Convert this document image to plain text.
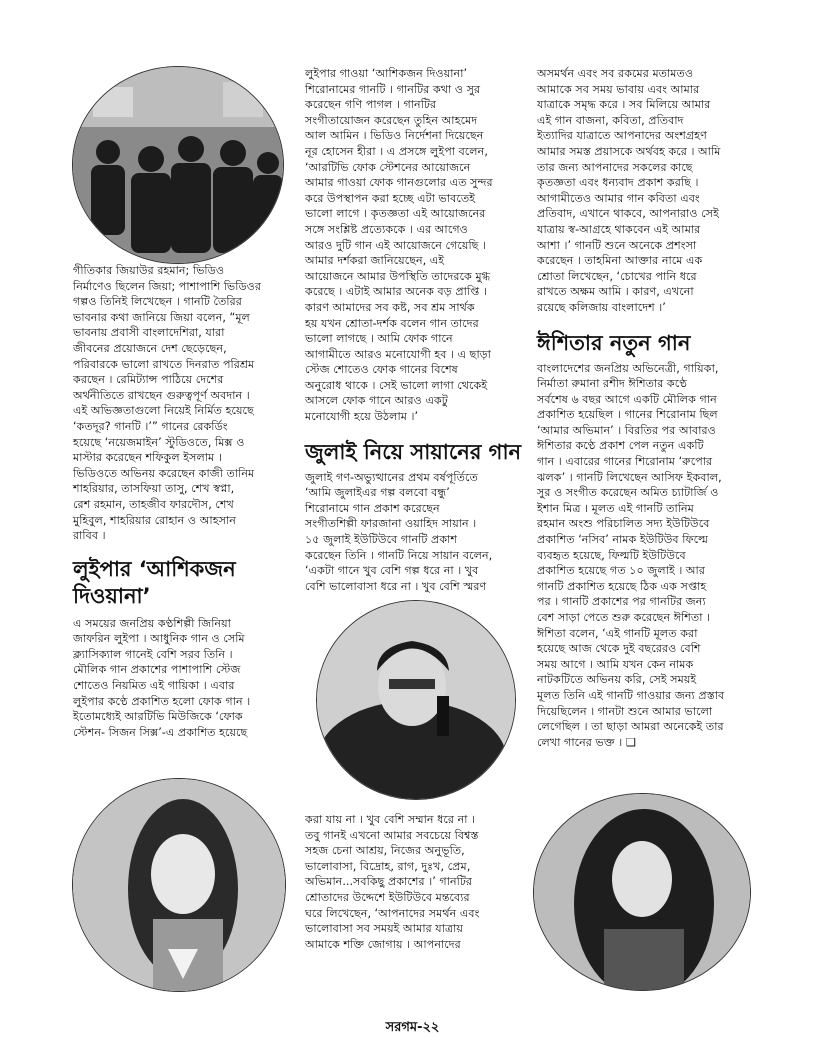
গীতিকার জিয়াউর রহমান; ভিডিও
নির্মাণেও ছিলেন জিয়া; পাশাপাশি ভিডিওর
গল্পও তিনিই লিখেছেন । গানটি তৈরির
ভাবনার কথা জানিয়ে জিয়া বলেন, “মূল
ভাবনায় প্রবাসী বাংলাদেশিরা, যারা
জীবনের প্রয়োজনে দেশ ছেড়েছেন,
পরিবারকে ভালো রাখতে দিনরাত পরিশ্রম
করছেন । রেমিট্যান্স পাঠিয়ে দেশের
অর্থনীতিতে রাখছেন গুরুত্বপূর্ণ অবদান ।
এই অভিজ্ঞতাগুলো নিয়েই নির্মিত হয়েছে
‘কতদূর? গানটি ।’” গানের রেকর্ডিং
হয়েছে ‘নয়েজমাইন’ স্টুডিওতে, মিক্স ও
মাস্টার করেছেন শফিকুল ইসলাম ।
ভিডিওতে অভিনয় করেছেন কাজী তানিম
শাহরিয়ার, তাসফিয়া তাসু, শেখ স্বপ্না,
রেশ রহমান, তাহজীব ফারদৌস, শেখ
মুহিবুল, শাহরিয়ার রোহান ও আহসান
রাবিব ।

লুইপার ‘আশিকজন
দিওয়ানা’

এ সময়ের জনপ্রিয় কণ্ঠশিল্পী জিনিয়া
জাফরিন লুইপা । আধুনিক গান ও সেমি
ক্ল্যাসিক্যাল গানেই বেশি সরব তিনি ।
মৌলিক গান প্রকাশের পাশাপাশি স্টেজ
শোতেও নিয়মিত এই গায়িকা । এবার
লুইপার কণ্ঠে প্রকাশিত হলো ফোক গান ।
ইতোমধ্যেই আরটিভি মিউজিকে ‘ফোক
স্টেশন- সিজন সিক্স’-এ প্রকাশিত হয়েছে

লুইপার গাওয়া ‘আশিকজন দিওয়ানা’
শিরোনামের গানটি । গানটির কথা ও সুর
করেছেন গণি পাগল । গানটির
সংগীতায়োজন করেছেন তুহিন আহমেদ
আল আমিন । ভিডিও নির্দেশনা দিয়েছেন
নূর হোসেন হীরা । এ প্রসঙ্গে লুইপা বলেন,
‘আরটিভি ফোক স্টেশনের আয়োজনে
আমার গাওয়া ফোক গানগুলোর এত সুন্দর
করে উপস্থাপন করা হচ্ছে এটা ভাবতেই
ভালো লাগে । কৃতজ্ঞতা এই আয়োজনের
সঙ্গে সংশ্লিষ্ট প্রত্যেককে । এর আগেও
আরও দুটি গান এই আয়োজনে গেয়েছি ।
আমার দর্শকরা জানিয়েছেন, এই
আয়োজনে আমার উপস্থিতি তাদেরকে মুগ্ধ
করেছে । এটাই আমার অনেক বড় প্রাপ্তি ।
কারণ আমাদের সব কষ্ট, সব শ্রম সার্থক
হয় যখন শ্রোতা-দর্শক বলেন গান তাদের
ভালো লাগছে । আমি ফোক গানে
আগামীতে আরও মনোযোগী হব । এ ছাড়া
স্টেজ শোতেও ফোক গানের বিশেষ
অনুরোধ থাকে । সেই ভালো লাগা থেকেই
আসলে ফোক গানে আরও একটু
মনোযোগী হয়ে উঠলাম ।’

জুলাই নিয়ে সায়ানের গান

জুলাই গণ-অভ্যুত্থানের প্রথম বর্ষপূর্তিতে
‘আমি জুলাইএর গল্প বলবো বন্ধু’
শিরোনামে গান প্রকাশ করেছেন
সংগীতশিল্পী ফারজানা ওয়াহিদ সায়ান ।
১৫ জুলাই ইউটিউবে গানটি প্রকাশ
করেছেন তিনি । গানটি নিয়ে সায়ান বলেন,
‘একটা গানে খুব বেশি গল্প ধরে না । খুব
বেশি ভালোবাসা ধরে না । খুব বেশি স্মরণ

করা যায় না । খুব বেশি সম্মান ধরে না ।
তবু গানই এখনো আমার সবচেয়ে বিশ্বস্ত
সহজ চেনা আশ্রয়, নিজের অনুভূতি,
ভালোবাসা, বিদ্রোহ, রাগ, দুঃখ, প্রেম,
অভিমান...সবকিছু প্রকাশের ।’ গানটির
শ্রোতাদের উদ্দেশে ইউটিউবে মন্তব্যের
ঘরে লিখেছেন, ‘আপনাদের সমর্থন এবং
ভালোবাসা সব সময়ই আমার যাত্রায়
আমাকে শক্তি জোগায় । আপনাদের

অসমর্থন এবং সব রকমের মতামতও
আমাকে সব সময় ভাবায় এবং আমার
যাত্রাকে সমৃদ্ধ করে । সব মিলিয়ে আমার
এই গান বাজনা, কবিতা, প্রতিবাদ
ইত্যাদির যাত্রাতে আপনাদের অংশগ্রহণ
আমার সমস্ত প্রয়াসকে অর্থবহ করে । আমি
তার জন্য আপনাদের সকলের কাছে
কৃতজ্ঞতা এবং ধন্যবাদ প্রকাশ করছি ।
আগামীতেও আমার গান কবিতা এবং
প্রতিবাদ, এখানে থাকবে, আপনারাও সেই
যাত্রায় স্ব-আগ্রহে থাকবেন এই আমার
আশা ।’ গানটি শুনে অনেকে প্রশংসা
করেছেন । তাহমিনা আক্তার নামে এক
শ্রোতা লিখেছেন, ‘চোখের পানি ধরে
রাখতে অক্ষম আমি । কারণ, এখনো
রয়েছে কলিজায় বাংলাদেশ ।’

ঈশিতার নতুন গান

বাংলাদেশের জনপ্রিয় অভিনেত্রী, গায়িকা,
নির্মাতা রুমানা রশীদ ঈশিতার কণ্ঠে
সর্বশেষ ৬ বছর আগে একটি মৌলিক গান
প্রকাশিত হয়েছিল । গানের শিরোনাম ছিল
‘আমার অভিমান’ । বিরতির পর আবারও
ঈশিতার কণ্ঠে প্রকাশ পেল নতুন একটি
গান । এবারের গানের শিরোনাম ‘রুপোর
ঝলক’ । গানটি লিখেছেন আসিফ ইকবাল,
সুর ও সংগীত করেছেন অমিত চ্যাটার্জি ও
ইশান মিত্র । মূলত এই গানটি তানিম
রহমান অংশু পরিচালিত সদ্য ইউটিউবে
প্রকাশিত ‘নসিব’ নামক ইউটিউব ফিল্মে
ব্যবহৃত হয়েছে, ফিল্মটি ইউটিউবে
প্রকাশিত হয়েছে গত ১০ জুলাই । আর
গানটি প্রকাশিত হয়েছে ঠিক এক সপ্তাহ
পর । গানটি প্রকাশের পর গানটির জন্য
বেশ সাড়া পেতে শুরু করেছেন ঈশিতা ।
ঈশিতা বলেন, ‘এই গানটি মূলত করা
হয়েছে আজ থেকে দুই বছরেরও বেশি
সময় আগে । আমি যখন কেন নামক
নাটকটিতে অভিনয় করি, সেই সময়ই
মূলত তিনি এই গানটি গাওয়ার জন্য প্রস্তাব
দিয়েছিলেন । গানটা শুনে আমার ভালো
লেগেছিল । তা ছাড়া আমরা অনেকেই তার
লেখা গানের ভক্ত । ❑

সরগম-২২
